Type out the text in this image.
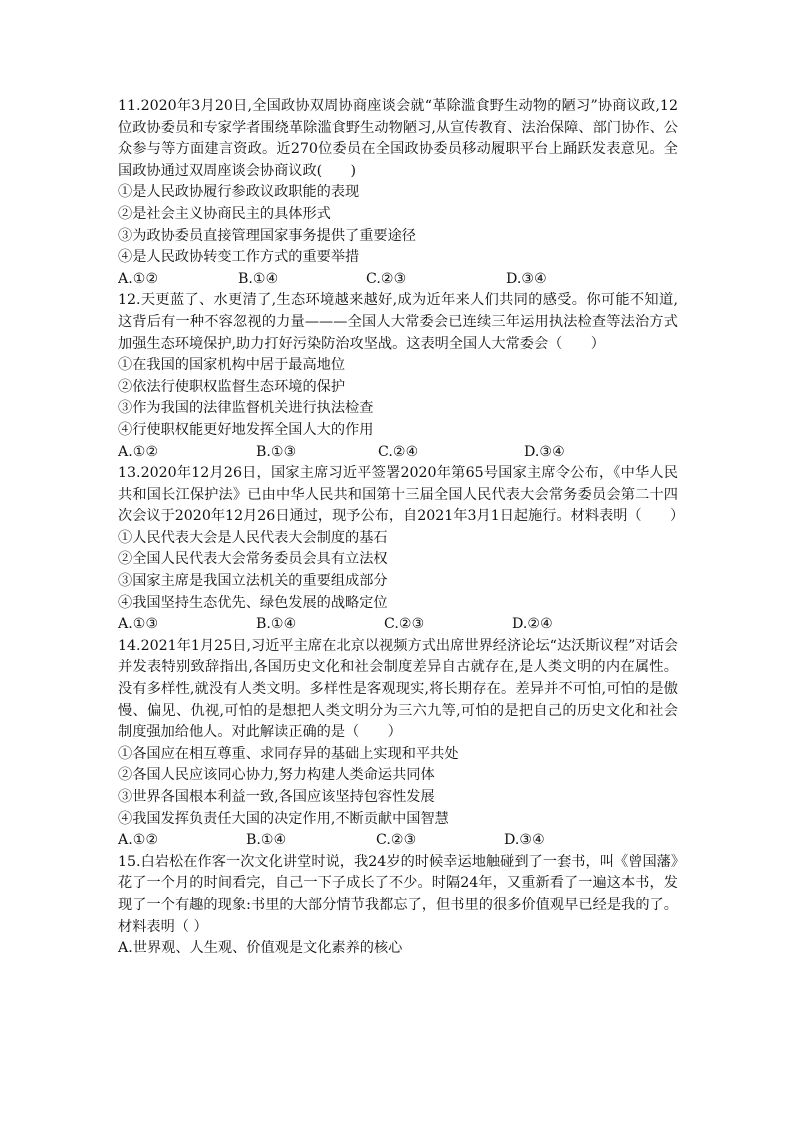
11.2020年3月20日,全国政协双周协商座谈会就“革除滥食野生动物的陋习”协商议政,12位政协委员和专家学者围绕革除滥食野生动物陋习,从宣传教育、法治保障、部门协作、公众参与等方面建言资政。近270位委员在全国政协委员移动履职平台上踊跃发表意见。全国政协通过双周座谈会协商议政(　　)
①是人民政协履行参政议政职能的表现
②是社会主义协商民主的具体形式
③为政协委员直接管理国家事务提供了重要途径
④是人民政协转变工作方式的重要举措
A.①②	B.①④	C.②③	D.③④
12.天更蓝了、水更清了,生态环境越来越好,成为近年来人们共同的感受。你可能不知道,这背后有一种不容忽视的力量———全国人大常委会已连续三年运用执法检查等法治方式加强生态环境保护,助力打好污染防治攻坚战。这表明全国人大常委会（　　）
①在我国的国家机构中居于最高地位
②依法行使职权监督生态环境的保护
③作为我国的法律监督机关进行执法检查
④行使职权能更好地发挥全国人大的作用
A.①②	B.①③	C.②④	D.③④
13.2020年12月26日，国家主席习近平签署2020年第65号国家主席令公布，《中华人民共和国长江保护法》已由中华人民共和国第十三届全国人民代表大会常务委员会第二十四次会议于2020年12月26日通过，现予公布，自2021年3月1日起施行。材料表明（　　）
①人民代表大会是人民代表大会制度的基石
②全国人民代表大会常务委员会具有立法权
③国家主席是我国立法机关的重要组成部分
④我国坚持生态优先、绿色发展的战略定位
A.①③	B.①④	C.②③	D.②④
14.2021年1月25日,习近平主席在北京以视频方式出席世界经济论坛“达沃斯议程”对话会并发表特别致辞指出,各国历史文化和社会制度差异自古就存在,是人类文明的内在属性。没有多样性,就没有人类文明。多样性是客观现实,将长期存在。差异并不可怕,可怕的是傲慢、偏见、仇视,可怕的是想把人类文明分为三六九等,可怕的是把自己的历史文化和社会制度强加给他人。对此解读正确的是（　　）
①各国应在相互尊重、求同存异的基础上实现和平共处
②各国人民应该同心协力,努力构建人类命运共同体
③世界各国根本利益一致,各国应该坚持包容性发展
④我国发挥负责任大国的决定作用,不断贡献中国智慧
A.①②	B.①④	C.②③	D.③④
15.白岩松在作客一次文化讲堂时说，我24岁的时候幸运地触碰到了一套书，叫《曾国藩》花了一个月的时间看完，自己一下子成长了不少。时隔24年，又重新看了一遍这本书，发现了一个有趣的现象:书里的大部分情节我都忘了，但书里的很多价值观早已经是我的了。材料表明（ ）
A.世界观、人生观、价值观是文化素养的核心
